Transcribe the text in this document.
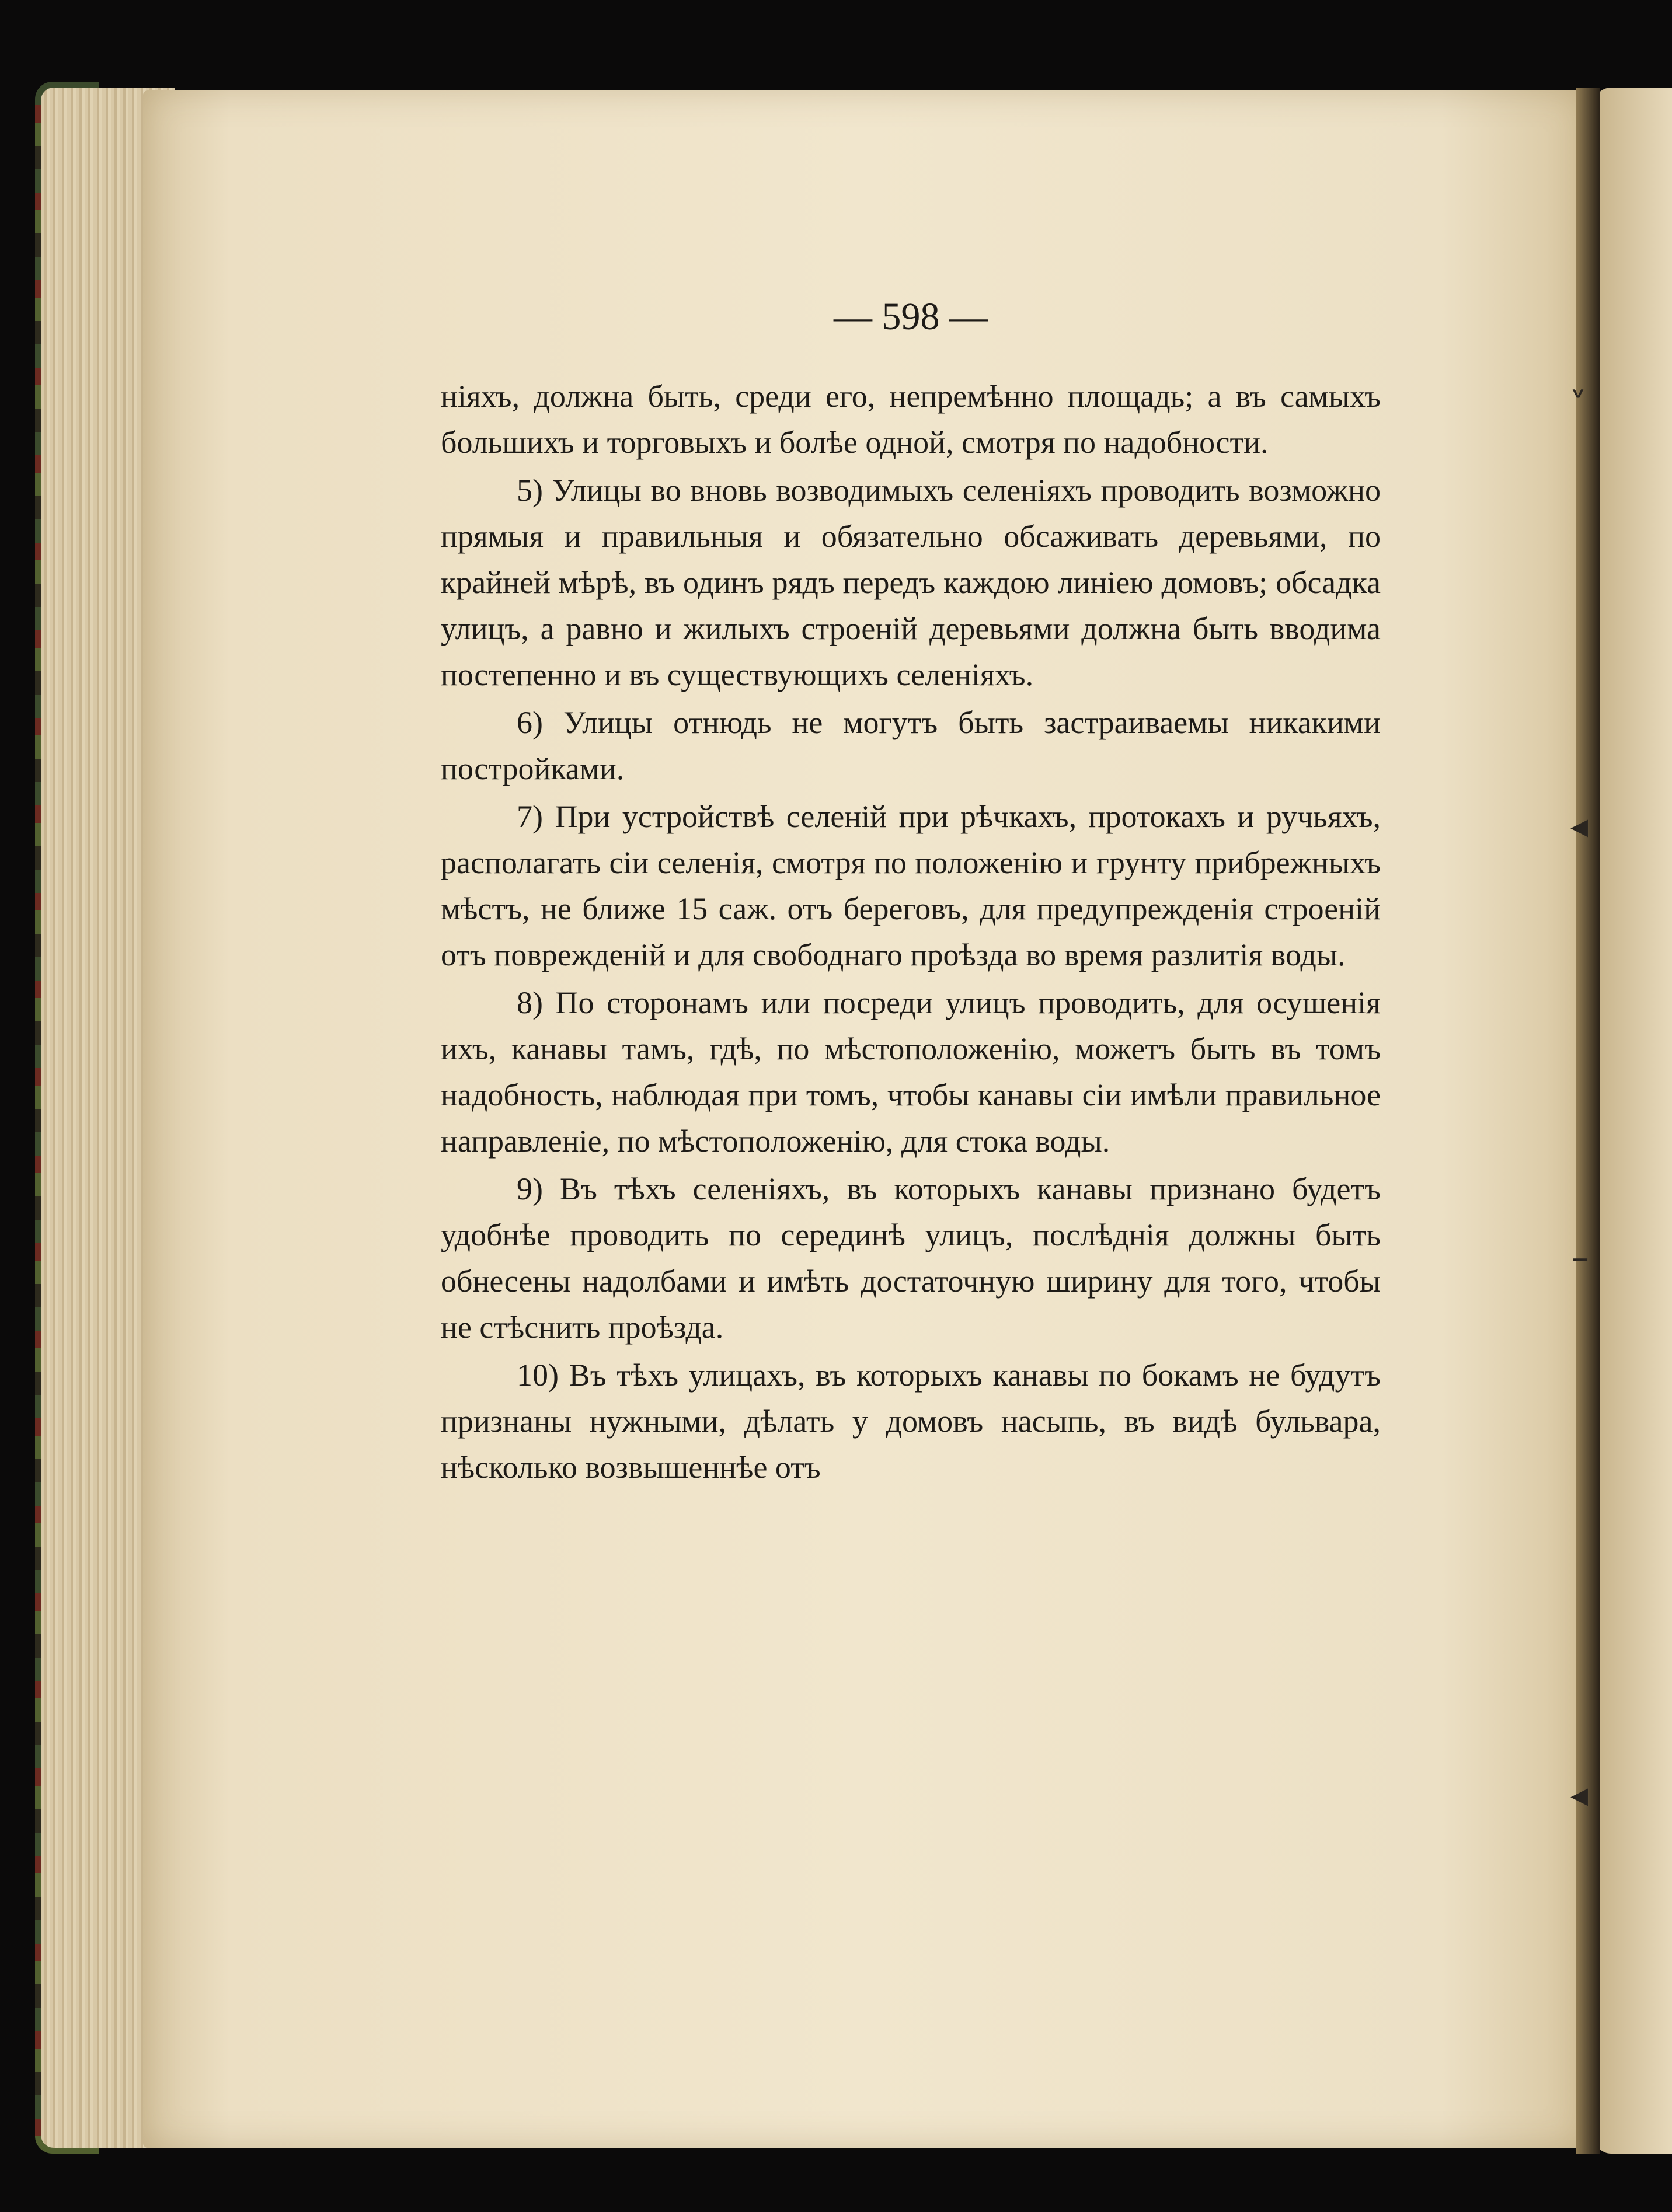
˅
◂
–
◂
— 598 —

ніяхъ, должна быть, среди его, непремѣнно площадь; а въ самыхъ большихъ и торговыхъ и болѣе одной, смотря по надобности.

5) Улицы во вновь возводимыхъ селеніяхъ проводить возможно прямыя и правильныя и обязательно обсаживать деревьями, по крайней мѣрѣ, въ одинъ рядъ передъ каждою линіею домовъ; обсадка улицъ, а равно и жилыхъ строеній деревьями должна быть вводима постепенно и въ существующихъ селеніяхъ.

6) Улицы отнюдь не могутъ быть застраиваемы никакими постройками.

7) При устройствѣ селеній при рѣчкахъ, протокахъ и ручьяхъ, располагать сіи селенія, смотря по положенію и грунту прибрежныхъ мѣстъ, не ближе 15 саж. отъ береговъ, для предупрежденія строеній отъ поврежденій и для свободнаго проѣзда во время разлитія воды.

8) По сторонамъ или посреди улицъ проводить, для осушенія ихъ, канавы тамъ, гдѣ, по мѣстоположенію, можетъ быть въ томъ надобность, наблюдая при томъ, чтобы канавы сіи имѣли правильное направленіе, по мѣстоположенію, для стока воды.

9) Въ тѣхъ селеніяхъ, въ которыхъ канавы признано будетъ удобнѣе проводить по серединѣ улицъ, послѣднія должны быть обнесены надолбами и имѣть достаточную ширину для того, чтобы не стѣснить проѣзда.

10) Въ тѣхъ улицахъ, въ которыхъ канавы по бокамъ не будутъ признаны нужными, дѣлать у домовъ насыпь, въ видѣ бульвара, нѣсколько возвышеннѣе отъ
